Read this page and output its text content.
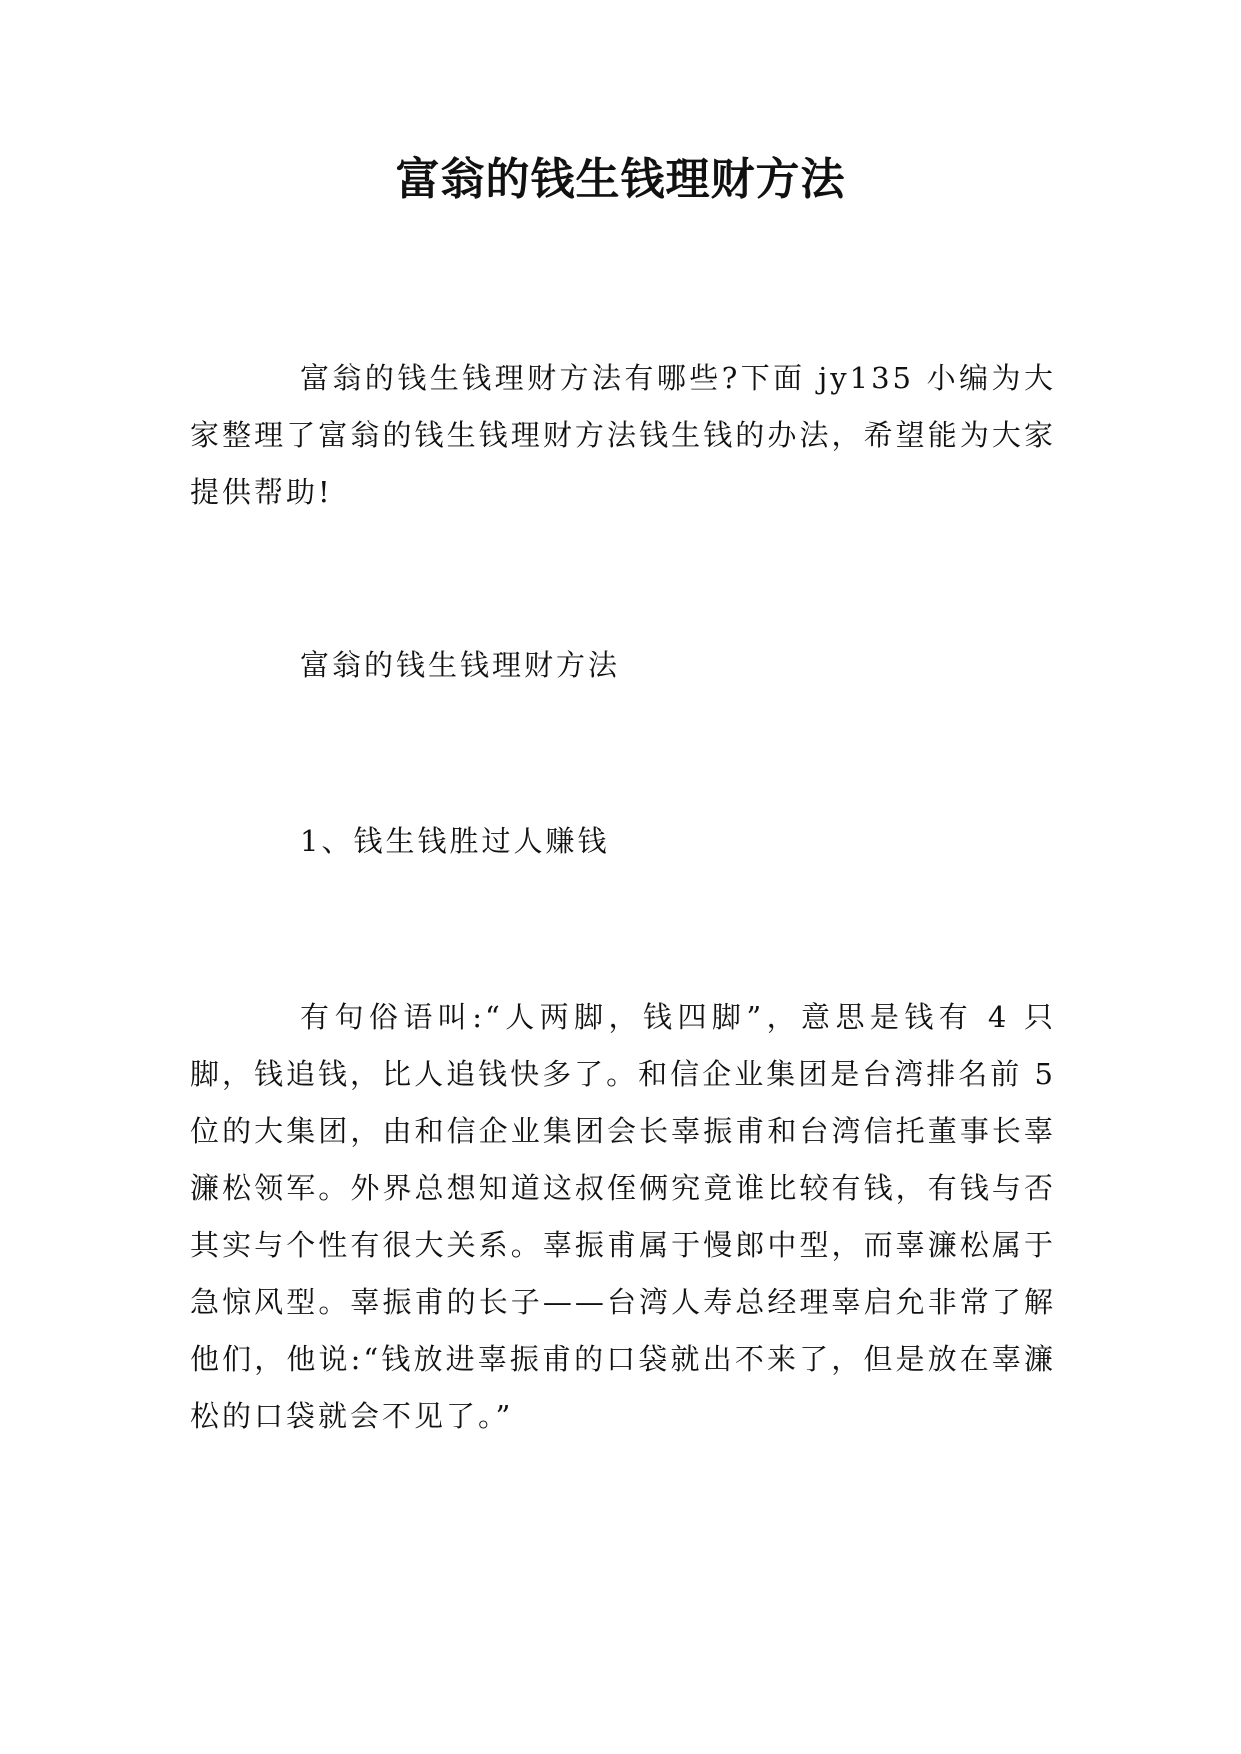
富翁的钱生钱理财方法

富翁的钱生钱理财方法有哪些?下面 jy135 小编为大家整理了富翁的钱生钱理财方法钱生钱的办法，希望能为大家提供帮助!

富翁的钱生钱理财方法

1、钱生钱胜过人赚钱

有句俗语叫:“人两脚，钱四脚”，意思是钱有 4 只脚，钱追钱，比人追钱快多了。和信企业集团是台湾排名前 5 位的大集团，由和信企业集团会长辜振甫和台湾信托董事长辜濂松领军。外界总想知道这叔侄俩究竟谁比较有钱，有钱与否其实与个性有很大关系。辜振甫属于慢郎中型，而辜濂松属于急惊风型。辜振甫的长子——台湾人寿总经理辜启允非常了解他们，他说:“钱放进辜振甫的口袋就出不来了，但是放在辜濂松的口袋就会不见了。”
